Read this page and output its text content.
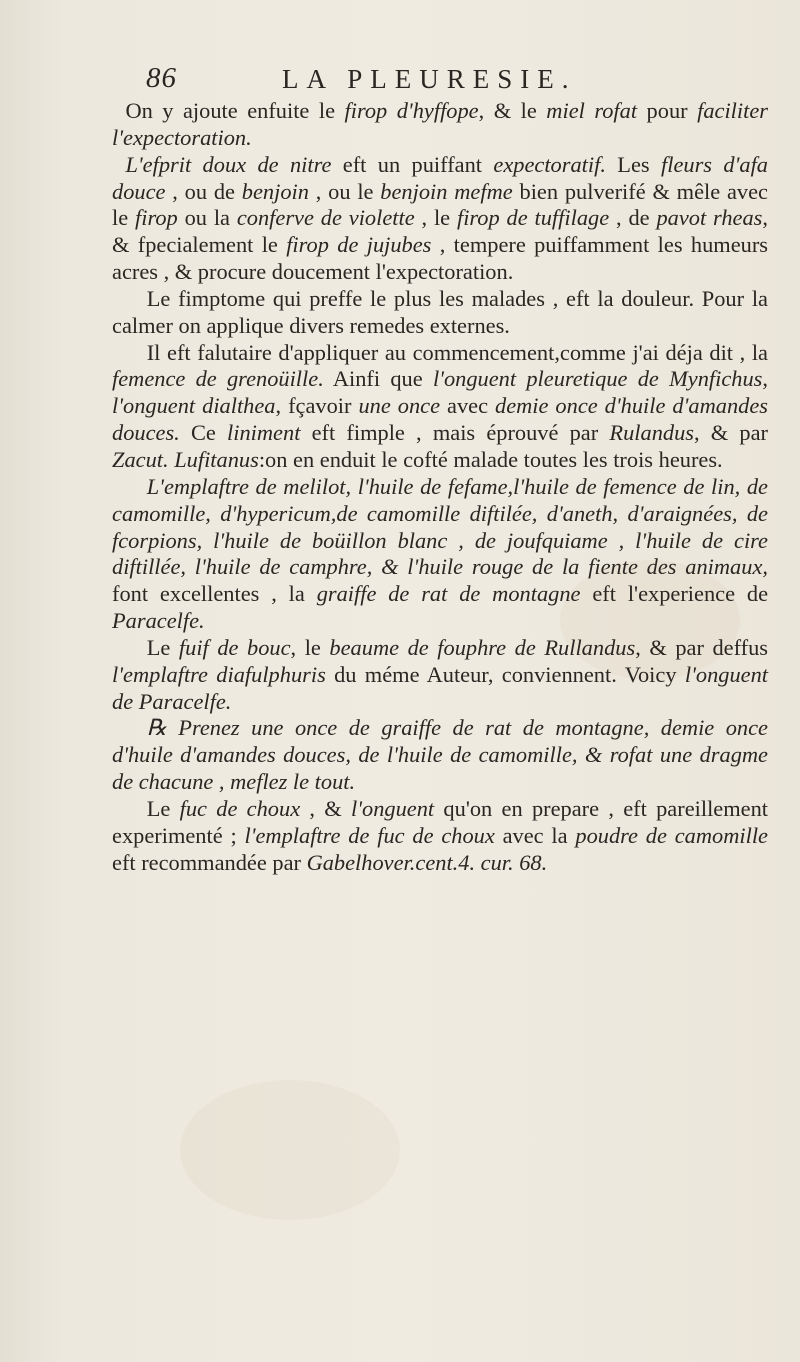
86	LA PLEURESIE.

On y ajoute enfuite le firop d'hyffope, & le miel rofat pour faciliter l'expectoration.

L'efprit doux de nitre eft un puiffant expectoratif. Les fleurs d'afa douce , ou de benjoin , ou le benjoin mefme bien pulverifé & mêle avec le firop ou la conferve de violette , le firop de tuffilage , de pavot rheas, & fpecialement le firop de jujubes , tempere puiffamment les humeurs acres , & procure doucement l'expectoration.

Le fimptome qui preffe le plus les malades , eft la douleur. Pour la calmer on applique divers remedes externes.

Il eft falutaire d'appliquer au commencement,comme j'ai déja dit , la femence de grenoüille. Ainfi que l'onguent pleuretique de Mynfichus, l'onguent dialthea, fçavoir une once avec demie once d'huile d'amandes douces. Ce liniment eft fimple , mais éprouvé par Rulandus, & par Zacut. Lufitanus:on en enduit le cofté malade toutes les trois heures.

L'emplaftre de melilot, l'huile de fefame,l'huile de femence de lin, de camomille, d'hypericum,de camomille diftilée, d'aneth, d'araignées, de fcorpions, l'huile de boüillon blanc , de joufquiame , l'huile de cire diftillée, l'huile de camphre, & l'huile rouge de la fiente des animaux, font excellentes , la graiffe de rat de montagne eft l'experience de Paracelfe.

Le fuif de bouc, le beaume de fouphre de Rullandus, & par deffus l'emplaftre diafulphuris du méme Auteur, conviennent. Voicy l'onguent de Paracelfe.

℞ Prenez une once de graiffe de rat de montagne, demie once d'huile d'amandes douces, de l'huile de camomille, & rofat une dragme de chacune , meflez le tout.

Le fuc de choux , & l'onguent qu'on en prepare , eft pareillement experimenté ; l'emplaftre de fuc de choux avec la poudre de camomille eft recommandée par Gabelhover.cent.4. cur. 68.
